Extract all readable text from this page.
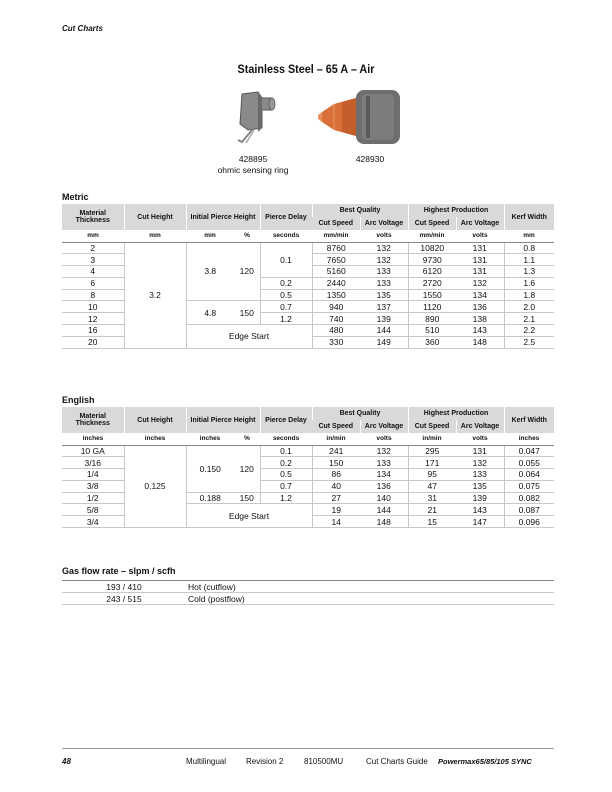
Cut Charts
Stainless Steel – 65 A – Air
428895
ohmic sensing ring
428930
Metric
Material Thickness	Cut Height	Initial Pierce Height		Pierce Delay	Best Quality		Highest Production		Kerf Width
					Cut Speed	Arc Voltage	Cut Speed	Arc Voltage	
mm	mm	mm	%	seconds	mm/min	volts	mm/min	volts	mm
2	3.2	3.8	120	0.1	8760	132	10820	131	0.8
3					7650	132	9730	131	1.1
4					5160	133	6120	131	1.3
6				0.2	2440	133	2720	132	1.6
8				0.5	1350	135	1550	134	1.8
10		4.8	150	0.7	940	137	1120	136	2.0
12				1.2	740	139	890	138	2.1
16		Edge Start			480	144	510	143	2.2
20					330	149	360	148	2.5
English
Material Thickness	Cut Height	Initial Pierce Height		Pierce Delay	Best Quality		Highest Production		Kerf Width
					Cut Speed	Arc Voltage	Cut Speed	Arc Voltage	
inches	inches	inches	%	seconds	in/min	volts	in/min	volts	inches
10 GA	0.125	0.150	120	0.1	241	132	295	131	0.047
3/16				0.2	150	133	171	132	0.055
1/4				0.5	86	134	95	133	0.064
3/8				0.7	40	136	47	135	0.075
1/2		0.188	150	1.2	27	140	31	139	0.082
5/8		Edge Start			19	144	21	143	0.087
3/4					14	148	15	147	0.096
Gas flow rate – slpm / scfh
193 / 410	Hot (cutflow)
243 / 515	Cold (postflow)
48	Multilingual Revision 2	810500MU	Cut Charts Guide Powermax65/85/105 SYNC
